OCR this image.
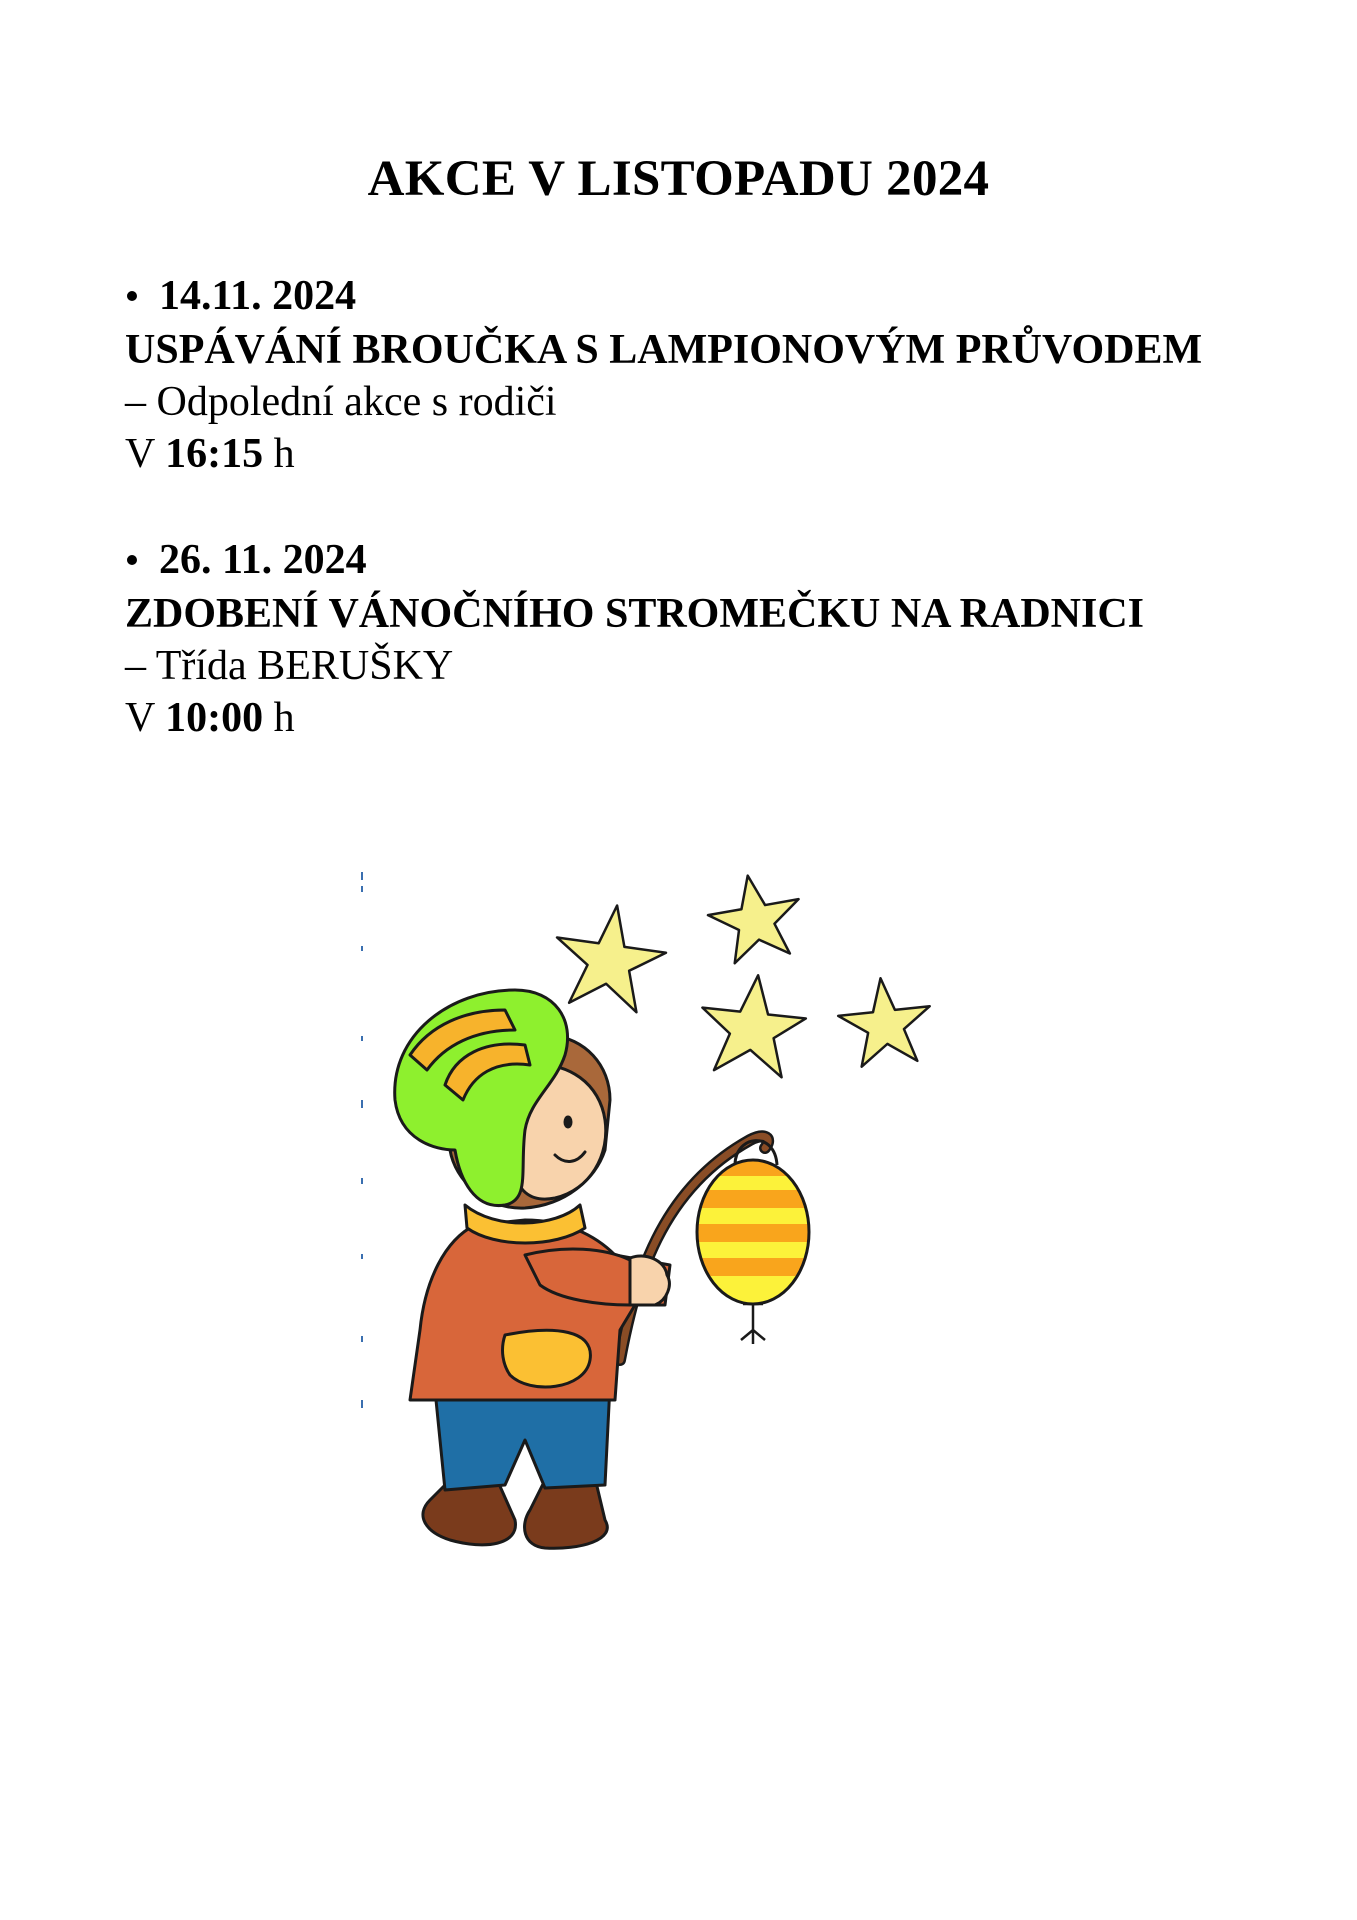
AKCE V LISTOPADU 2024
14.11. 2024
USPÁVÁNÍ BROUČKA S LAMPIONOVÝM PRŮVODEM
– Odpolední akce s rodiči
V 16:15 h
26. 11. 2024
ZDOBENÍ VÁNOČNÍHO STROMEČKU NA RADNICI
– Třída BERUŠKY
V 10:00 h
